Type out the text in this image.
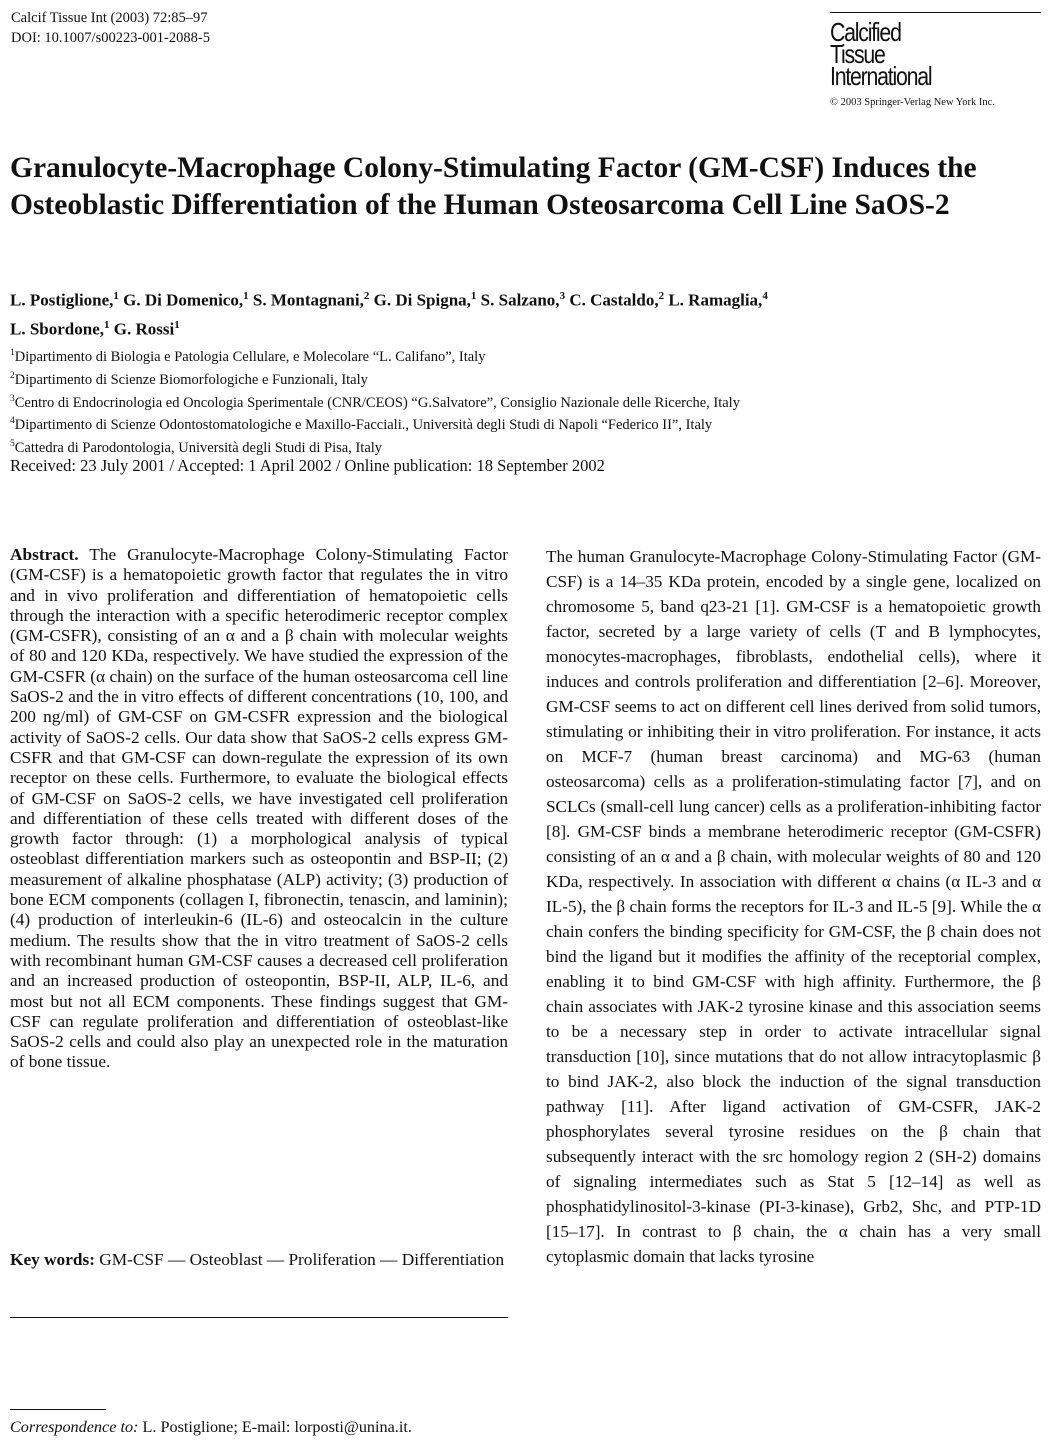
Calcif Tissue Int (2003) 72:85–97
DOI: 10.1007/s00223-001-2088-5	Calcified
Tissue
International
© 2003 Springer-Verlag New York Inc.
Granulocyte-Macrophage Colony-Stimulating Factor (GM-CSF) Induces the Osteoblastic Differentiation of the Human Osteosarcoma Cell Line SaOS-2
L. Postiglione,$^1$ G. Di Domenico,$^1$ S. Montagnani,$^2$ G. Di Spigna,$^1$ S. Salzano,$^3$ C. Castaldo,$^2$ L. Ramaglia,$^4$
L. Sbordone,$^1$ G. Rossi$^1$
$^1$Dipartimento di Biologia e Patologia Cellulare, e Molecolare “L. Califano”, Italy
$^2$Dipartimento di Scienze Biomorfologiche e Funzionali, Italy
$^3$Centro di Endocrinologia ed Oncologia Sperimentale (CNR/CEOS) “G.Salvatore”, Consiglio Nazionale delle Ricerche, Italy
$^4$Dipartimento di Scienze Odontostomatologiche e Maxillo-Facciali., Università degli Studi di Napoli “Federico II”, Italy
$^5$Cattedra di Parodontologia, Università degli Studi di Pisa, Italy
Received: 23 July 2001 / Accepted: 1 April 2002 / Online publication: 18 September 2002
Abstract. The Granulocyte-Macrophage Colony-Stimulating Factor (GM-CSF) is a hematopoietic growth factor that regulates the in vitro and in vivo proliferation and differentiation of hematopoietic cells through the interaction with a specific heterodimeric receptor complex (GM-CSFR), consisting of an α and a β chain with molecular weights of 80 and 120 KDa, respectively. We have studied the expression of the GM-CSFR (α chain) on the surface of the human osteosarcoma cell line SaOS-2 and the in vitro effects of different concentrations (10, 100, and 200 ng/ml) of GM-CSF on GM-CSFR expression and the biological activity of SaOS-2 cells. Our data show that SaOS-2 cells express GM-CSFR and that GM-CSF can down-regulate the expression of its own receptor on these cells. Furthermore, to evaluate the biological effects of GM-CSF on SaOS-2 cells, we have investigated cell proliferation and differentiation of these cells treated with different doses of the growth factor through: (1) a morphological analysis of typical osteoblast differentiation markers such as osteopontin and BSP-II; (2) measurement of alkaline phosphatase (ALP) activity; (3) production of bone ECM components (collagen I, fibronectin, tenascin, and laminin); (4) production of interleukin-6 (IL-6) and osteocalcin in the culture medium. The results show that the in vitro treatment of SaOS-2 cells with recombinant human GM-CSF causes a decreased cell proliferation and an increased production of osteopontin, BSP-II, ALP, IL-6, and most but not all ECM components. These findings suggest that GM-CSF can regulate proliferation and differentiation of osteoblast-like SaOS-2 cells and could also play an unexpected role in the maturation of bone tissue.
Key words: GM-CSF — Osteoblast — Proliferation — Differentiation
Correspondence to: L. Postiglione; E-mail: lorposti@unina.it.
The human Granulocyte-Macrophage Colony-Stimulating Factor (GM-CSF) is a 14–35 KDa protein, encoded by a single gene, localized on chromosome 5, band q23-21 [1]. GM-CSF is a hematopoietic growth factor, secreted by a large variety of cells (T and B lymphocytes, monocytes-macrophages, fibroblasts, endothelial cells), where it induces and controls proliferation and differentiation [2–6]. Moreover, GM-CSF seems to act on different cell lines derived from solid tumors, stimulating or inhibiting their in vitro proliferation. For instance, it acts on MCF-7 (human breast carcinoma) and MG-63 (human osteosarcoma) cells as a proliferation-stimulating factor [7], and on SCLCs (small-cell lung cancer) cells as a proliferation-inhibiting factor [8]. GM-CSF binds a membrane heterodimeric receptor (GM-CSFR) consisting of an α and a β chain, with molecular weights of 80 and 120 KDa, respectively. In association with different α chains (α IL-3 and α IL-5), the β chain forms the receptors for IL-3 and IL-5 [9]. While the α chain confers the binding specificity for GM-CSF, the β chain does not bind the ligand but it modifies the affinity of the receptorial complex, enabling it to bind GM-CSF with high affinity. Furthermore, the β chain associates with JAK-2 tyrosine kinase and this association seems to be a necessary step in order to activate intracellular signal transduction [10], since mutations that do not allow intracytoplasmic β to bind JAK-2, also block the induction of the signal transduction pathway [11]. After ligand activation of GM-CSFR, JAK-2 phosphorylates several tyrosine residues on the β chain that subsequently interact with the src homology region 2 (SH-2) domains of signaling intermediates such as Stat 5 [12–14] as well as phosphatidylinositol-3-kinase (PI-3-kinase), Grb2, Shc, and PTP-1D [15–17]. In contrast to β chain, the α chain has a very small cytoplasmic domain that lacks tyrosine
